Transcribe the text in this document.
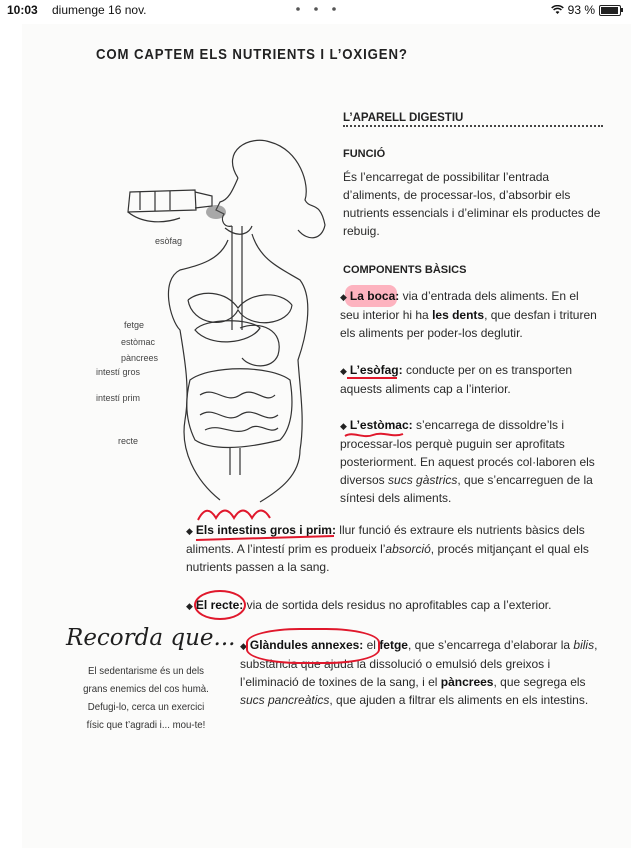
10:03 diumenge 16 nov.	93 %
COM CAPTEM ELS NUTRIENTS I L’OXIGEN?
esòfag
fetge
estòmac
pàncrees
intestí gros
intestí prim
recte
L’APARELL DIGESTIU
FUNCIÓ
És l’encarregat de possibilitar l’entrada d’aliments, de processar-los, d’absorbir els nutrients essencials i d’eliminar els productes de rebuig.
COMPONENTS BÀSICS
◆ La boca: via d’entrada dels aliments. En el seu interior hi ha les dents, que desfan i trituren els aliments per poder-los deglutir.
◆ L’esòfag: conducte per on es transporten aquests aliments cap a l’interior.
◆ L’estòmac: s’encarrega de dissoldre’ls i processar-los perquè puguin ser aprofitats posteriorment. En aquest procés col·laboren els diversos sucs gàstrics, que s’encarreguen de la síntesi dels aliments.
◆ Els intestins gros i prim: llur funció és extraure els nutrients bàsics dels aliments. A l’intestí prim es produeix l’absorció, procés mitjançant el qual els nutrients passen a la sang.
◆ El recte: via de sortida dels residus no aprofitables cap a l’exterior.
◆ Glàndules annexes: el fetge, que s’encarrega d’elaborar la bilis, substància que ajuda la dissolució o emulsió dels greixos i l’eliminació de toxines de la sang, i el pàncrees, que segrega els sucs pancreàtics, que ajuden a filtrar els aliments en els intestins.
Recorda que...
El sedentarisme és un dels grans enemics del cos humà. Defugi-lo, cerca un exercici físic que t’agradi i... mou-te!
